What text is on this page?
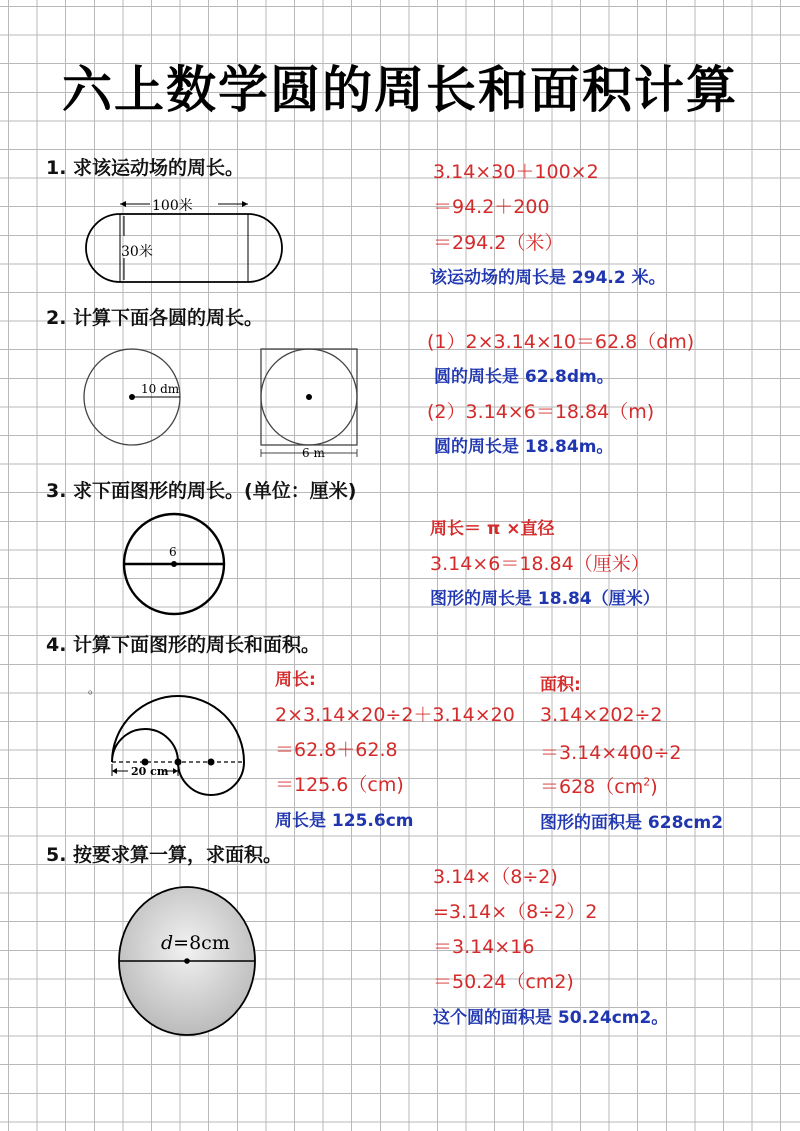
六上数学圆的周长和面积计算
1. 求该运动场的周长。
100米
30米
3.14×30＋100×2
＝94.2＋200
＝294.2（米）
该运动场的周长是 294.2 米。
2. 计算下面各圆的周长。
10 dm
6 m
(1）2×3.14×10＝62.8（dm)
圆的周长是 62.8dm。
(2）3.14×6＝18.84（m)
圆的周长是 18.84m。
3. 求下面图形的周长。(单位：厘米)
6
周长＝ π ×直径
3.14×6＝18.84（厘米）
图形的周长是 18.84（厘米）
4. 计算下面图形的周长和面积。
。
20 cm
周长:
2×3.14×20÷2＋3.14×20
＝62.8＋62.8
＝125.6（cm)
周长是 125.6cm
面积:
3.14×202÷2
＝3.14×400÷2
$=628(cm^2)$
图形的面积是 628cm2
5. 按要求算一算，求面积。
d=8cm
3.14×（8÷2)
=3.14×（8÷2）2
＝3.14×16
＝50.24（cm2)
这个圆的面积是 50.24cm2。
